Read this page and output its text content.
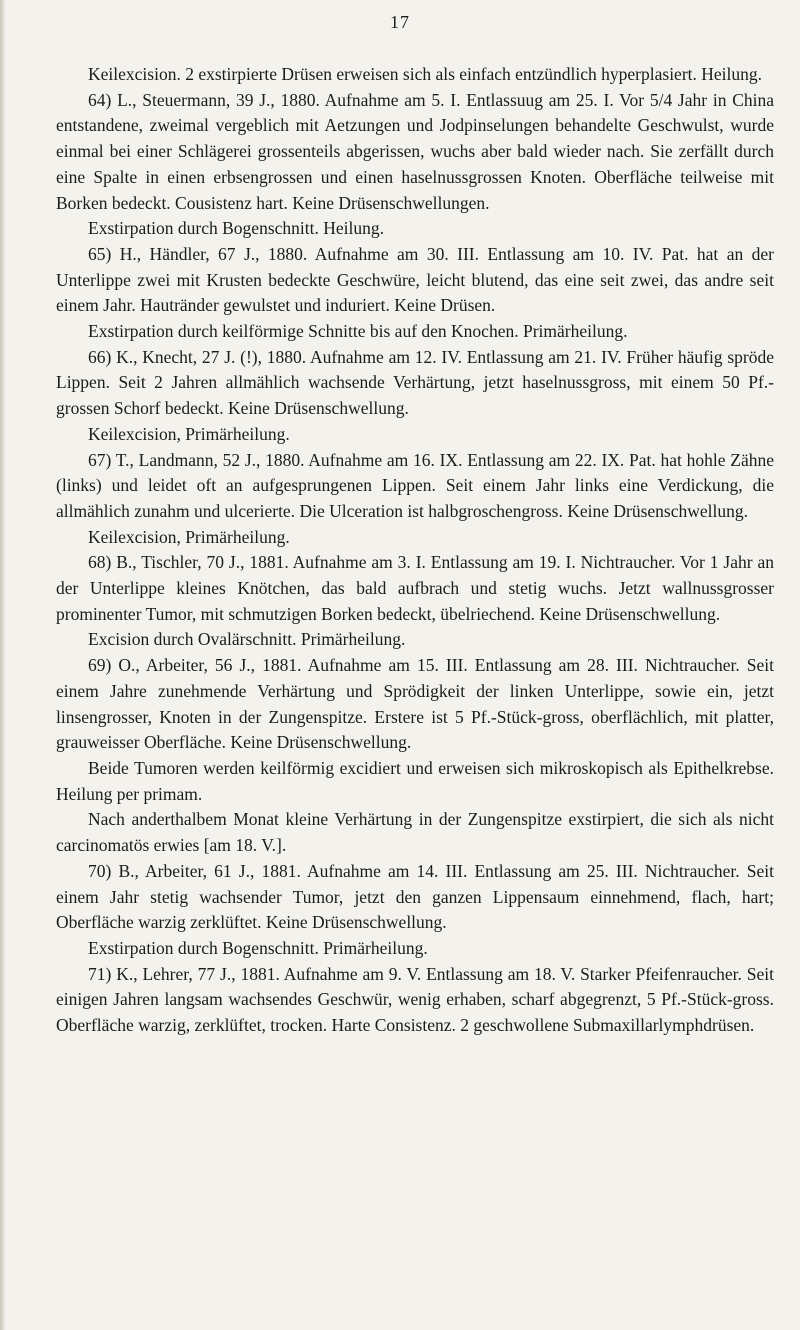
17

Keilexcision. 2 exstirpierte Drüsen erweisen sich als einfach entzündlich hyperplasiert. Heilung.

64) L., Steuermann, 39 J., 1880. Aufnahme am 5. I. Entlassuug am 25. I. Vor 5/4 Jahr in China entstandene, zweimal vergeblich mit Aetzungen und Jodpinselungen behandelte Geschwulst, wurde einmal bei einer Schlägerei grossenteils abgerissen, wuchs aber bald wieder nach. Sie zerfällt durch eine Spalte in einen erbsengrossen und einen haselnussgrossen Knoten. Oberfläche teilweise mit Borken bedeckt. Cousistenz hart. Keine Drüsenschwellungen.

Exstirpation durch Bogenschnitt. Heilung.

65) H., Händler, 67 J., 1880. Aufnahme am 30. III. Entlassung am 10. IV. Pat. hat an der Unterlippe zwei mit Krusten bedeckte Geschwüre, leicht blutend, das eine seit zwei, das andre seit einem Jahr. Hautränder gewulstet und induriert. Keine Drüsen.

Exstirpation durch keilförmige Schnitte bis auf den Knochen. Primärheilung.

66) K., Knecht, 27 J. (!), 1880. Aufnahme am 12. IV. Entlassung am 21. IV. Früher häufig spröde Lippen. Seit 2 Jahren allmählich wachsende Verhärtung, jetzt haselnussgross, mit einem 50 Pf.-grossen Schorf bedeckt. Keine Drüsenschwellung.

Keilexcision, Primärheilung.

67) T., Landmann, 52 J., 1880. Aufnahme am 16. IX. Entlassung am 22. IX. Pat. hat hohle Zähne (links) und leidet oft an aufgesprungenen Lippen. Seit einem Jahr links eine Verdickung, die allmählich zunahm und ulcerierte. Die Ulceration ist halbgroschengross. Keine Drüsenschwellung.

Keilexcision, Primärheilung.

68) B., Tischler, 70 J., 1881. Aufnahme am 3. I. Entlassung am 19. I. Nichtraucher. Vor 1 Jahr an der Unterlippe kleines Knötchen, das bald aufbrach und stetig wuchs. Jetzt wallnussgrosser prominenter Tumor, mit schmutzigen Borken bedeckt, übelriechend. Keine Drüsenschwellung.

Excision durch Ovalärschnitt. Primärheilung.

69) O., Arbeiter, 56 J., 1881. Aufnahme am 15. III. Entlassung am 28. III. Nichtraucher. Seit einem Jahre zunehmende Verhärtung und Sprödigkeit der linken Unterlippe, sowie ein, jetzt linsengrosser, Knoten in der Zungenspitze. Erstere ist 5 Pf.-Stück-gross, oberflächlich, mit platter, grauweisser Oberfläche. Keine Drüsenschwellung.

Beide Tumoren werden keilförmig excidiert und erweisen sich mikroskopisch als Epithelkrebse. Heilung per primam.

Nach anderthalbem Monat kleine Verhärtung in der Zungenspitze exstirpiert, die sich als nicht carcinomatös erwies [am 18. V.].

70) B., Arbeiter, 61 J., 1881. Aufnahme am 14. III. Entlassung am 25. III. Nichtraucher. Seit einem Jahr stetig wachsender Tumor, jetzt den ganzen Lippensaum einnehmend, flach, hart; Oberfläche warzig zerklüftet. Keine Drüsenschwellung.

Exstirpation durch Bogenschnitt. Primärheilung.

71) K., Lehrer, 77 J., 1881. Aufnahme am 9. V. Entlassung am 18. V. Starker Pfeifenraucher. Seit einigen Jahren langsam wachsendes Geschwür, wenig erhaben, scharf abgegrenzt, 5 Pf.-Stück-gross. Oberfläche warzig, zerklüftet, trocken. Harte Consistenz. 2 geschwollene Submaxillarlymphdrüsen.
